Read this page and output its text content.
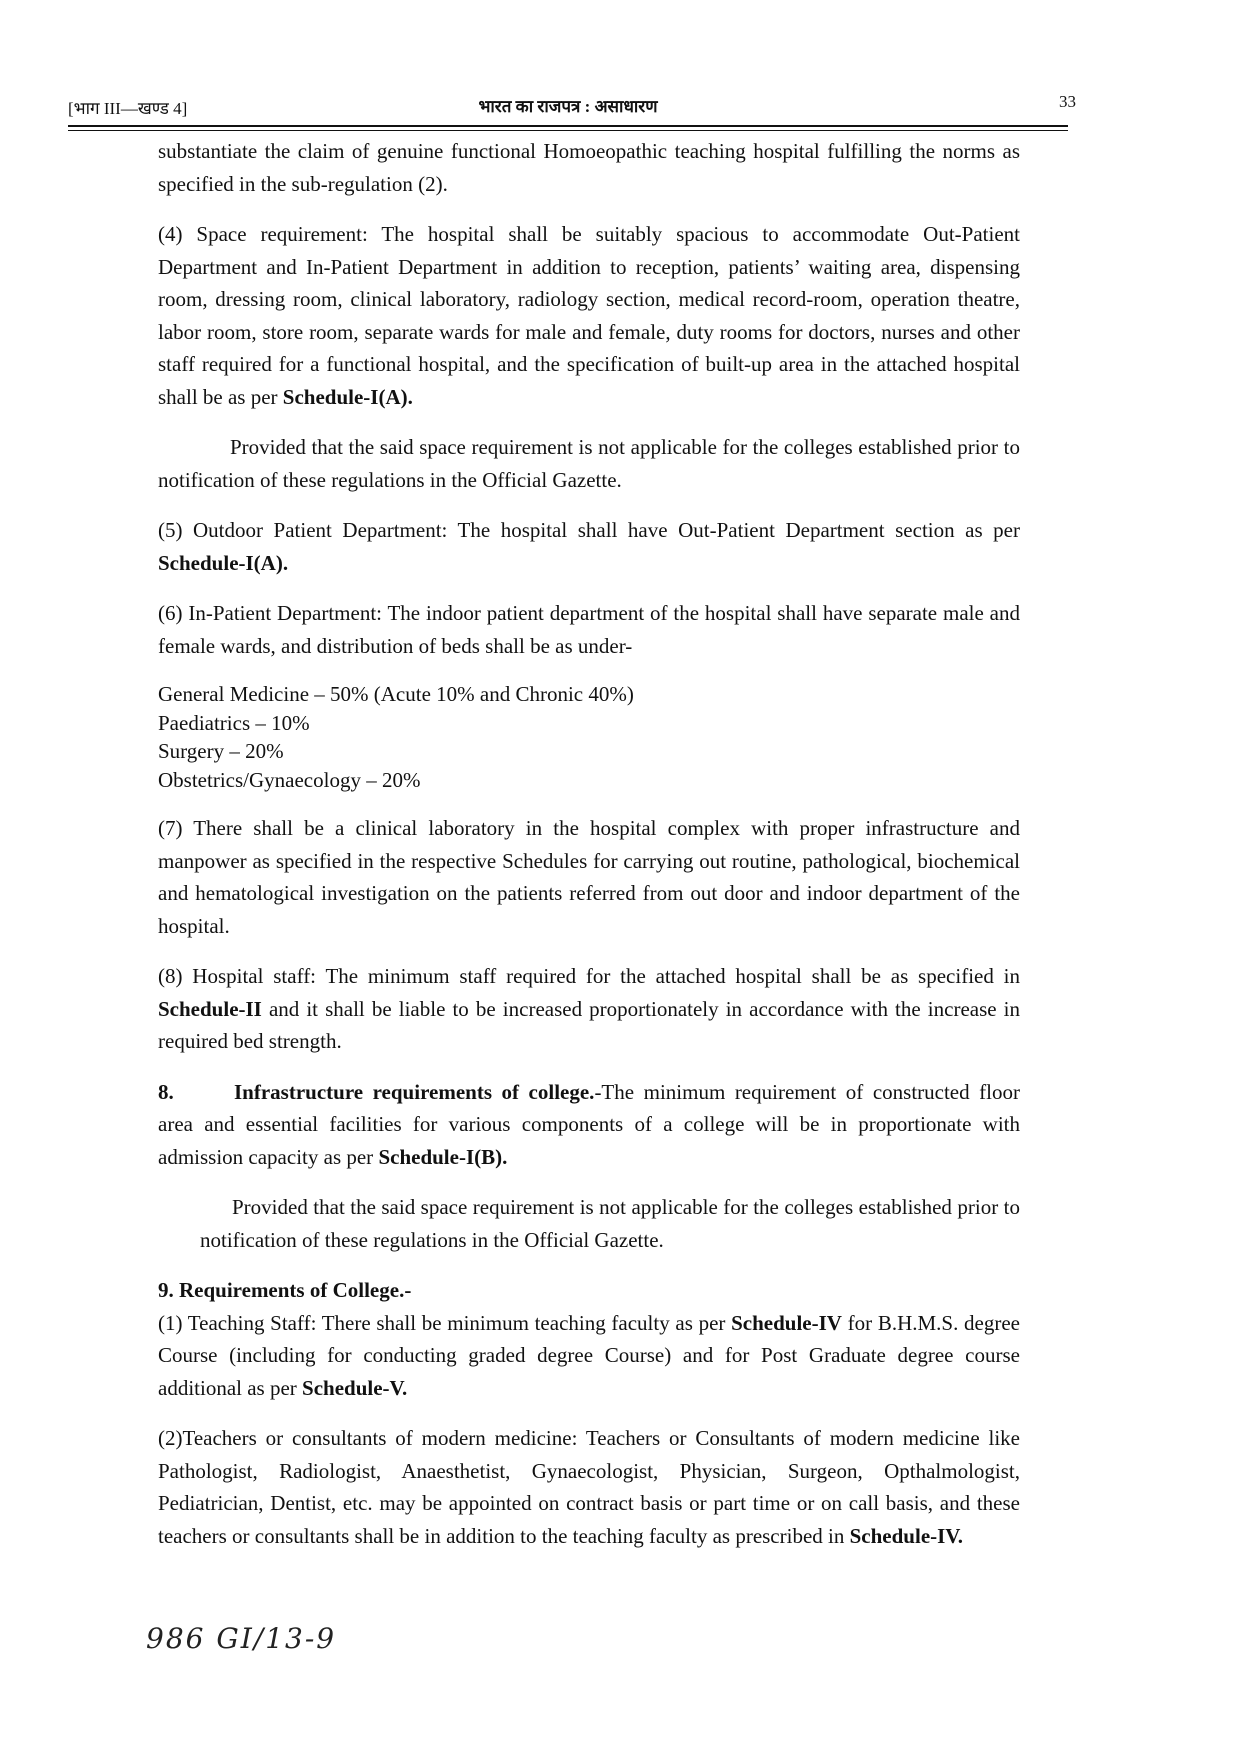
[भाग III—खण्ड 4]	भारत का राजपत्र : असाधारण	33

substantiate the claim of genuine functional Homoeopathic teaching hospital fulfilling the norms as specified in the sub-regulation (2).

(4) Space requirement: The hospital shall be suitably spacious to accommodate Out-Patient Department and In-Patient Department in addition to reception, patients’ waiting area, dispensing room, dressing room, clinical laboratory, radiology section, medical record-room, operation theatre, labor room, store room, separate wards for male and female, duty rooms for doctors, nurses and other staff required for a functional hospital, and the specification of built-up area in the attached hospital shall be as per Schedule-I(A).

Provided that the said space requirement is not applicable for the colleges established prior to notification of these regulations in the Official Gazette.

(5) Outdoor Patient Department: The hospital shall have Out-Patient Department section as per Schedule-I(A).

(6) In-Patient Department: The indoor patient department of the hospital shall have separate male and female wards, and distribution of beds shall be as under-

General Medicine – 50% (Acute 10% and Chronic 40%)
Paediatrics – 10%
Surgery – 20%
Obstetrics/Gynaecology – 20%

(7) There shall be a clinical laboratory in the hospital complex with proper infrastructure and manpower as specified in the respective Schedules for carrying out routine, pathological, biochemical and hematological investigation on the patients referred from out door and indoor department of the hospital.

(8) Hospital staff: The minimum staff required for the attached hospital shall be as specified in Schedule-II and it shall be liable to be increased proportionately in accordance with the increase in required bed strength.

8.	Infrastructure requirements of college.-The minimum requirement of constructed floor area and essential facilities for various components of a college will be in proportionate with admission capacity as per Schedule-I(B).

Provided that the said space requirement is not applicable for the colleges established prior to notification of these regulations in the Official Gazette.

9. Requirements of College.-

(1) Teaching Staff: There shall be minimum teaching faculty as per Schedule-IV for B.H.M.S. degree Course (including for conducting graded degree Course) and for Post Graduate degree course additional as per Schedule-V.

(2)Teachers or consultants of modern medicine: Teachers or Consultants of modern medicine like Pathologist, Radiologist, Anaesthetist, Gynaecologist, Physician, Surgeon, Opthalmologist, Pediatrician, Dentist, etc. may be appointed on contract basis or part time or on call basis, and these teachers or consultants shall be in addition to the teaching faculty as prescribed in Schedule-IV.

986 GI/13-9
